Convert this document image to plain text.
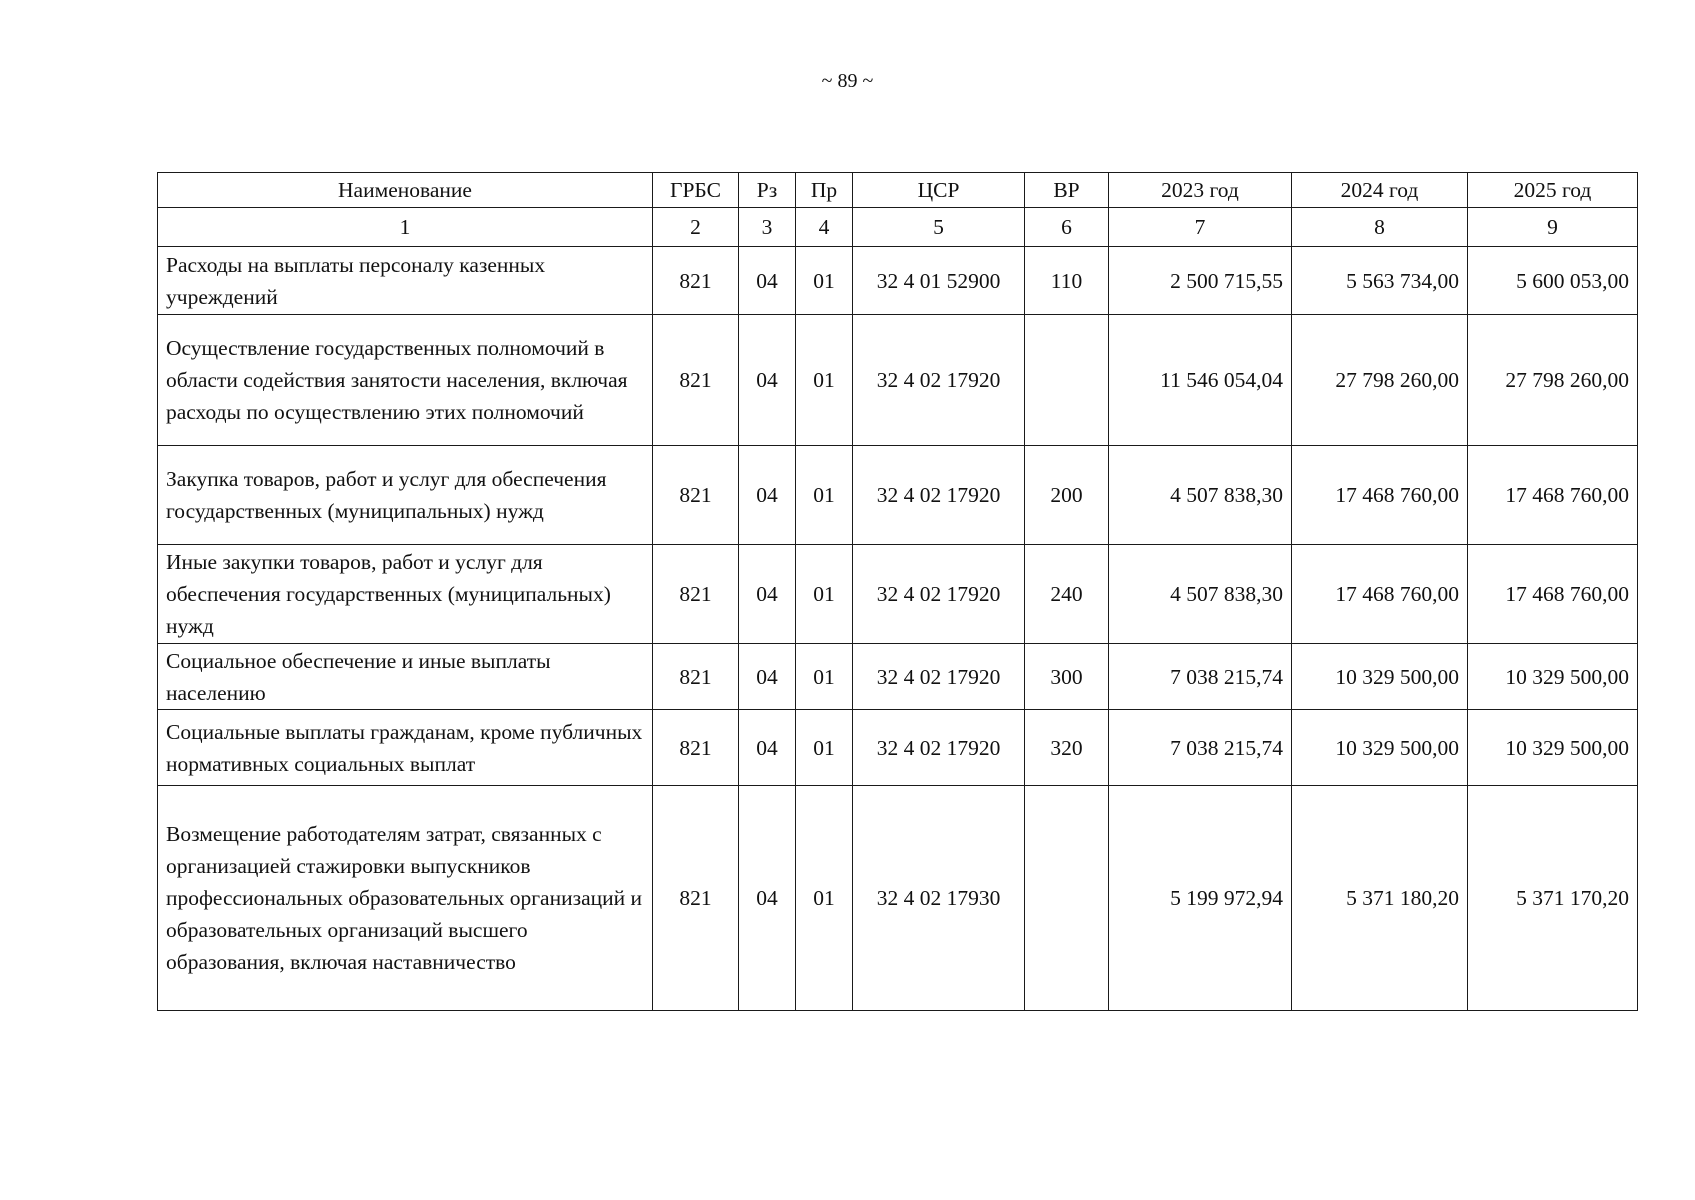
~ 89 ~
Наименование	ГРБС	Рз	Пр	ЦСР	ВР	2023 год	2024 год	2025 год
1	2	3	4	5	6	7	8	9
Расходы на выплаты персоналу казенных учреждений	821	04	01	32 4 01 52900	110	2 500 715,55	5 563 734,00	5 600 053,00
Осуществление государственных полномочий в области содействия занятости населения, включая расходы по осуществлению этих полномочий	821	04	01	32 4 02 17920		11 546 054,04	27 798 260,00	27 798 260,00
Закупка товаров, работ и услуг для обеспечения государственных (муниципальных) нужд	821	04	01	32 4 02 17920	200	4 507 838,30	17 468 760,00	17 468 760,00
Иные закупки товаров, работ и услуг для обеспечения государственных (муниципальных) нужд	821	04	01	32 4 02 17920	240	4 507 838,30	17 468 760,00	17 468 760,00
Социальное обеспечение и иные выплаты населению	821	04	01	32 4 02 17920	300	7 038 215,74	10 329 500,00	10 329 500,00
Социальные выплаты гражданам, кроме публичных нормативных социальных выплат	821	04	01	32 4 02 17920	320	7 038 215,74	10 329 500,00	10 329 500,00
Возмещение работодателям затрат, связанных с организацией стажировки выпускников профессиональных образовательных организаций и образовательных организаций высшего образования, включая наставничество	821	04	01	32 4 02 17930		5 199 972,94	5 371 180,20	5 371 170,20
